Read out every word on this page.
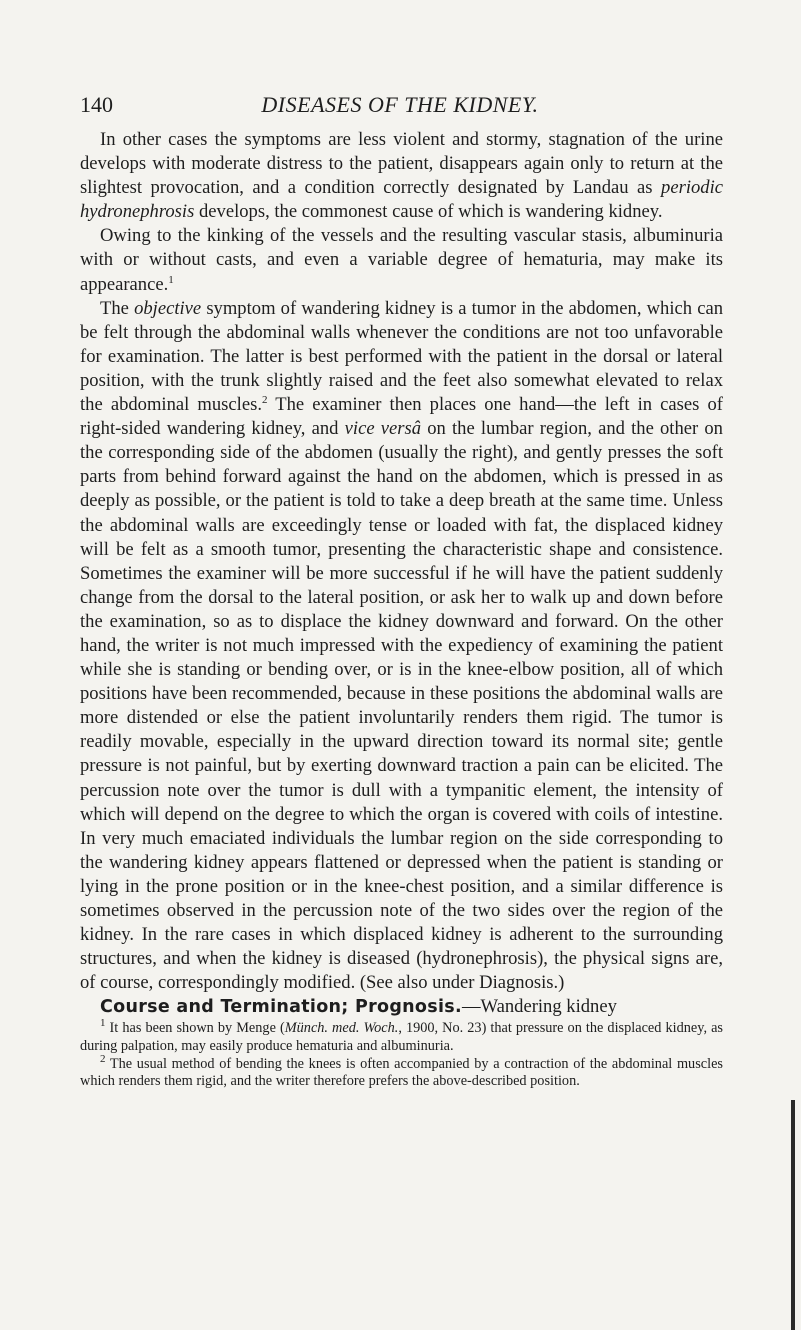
140	DISEASES OF THE KIDNEY.

In other cases the symptoms are less violent and stormy, stagnation of the urine develops with moderate distress to the patient, disappears again only to return at the slightest provocation, and a condition correctly designated by Landau as periodic hydronephrosis develops, the commonest cause of which is wandering kidney.

Owing to the kinking of the vessels and the resulting vascular stasis, albuminuria with or without casts, and even a variable degree of hematuria, may make its appearance.$^1$

The objective symptom of wandering kidney is a tumor in the abdomen, which can be felt through the abdominal walls whenever the conditions are not too unfavorable for examination. The latter is best performed with the patient in the dorsal or lateral position, with the trunk slightly raised and the feet also somewhat elevated to relax the abdominal muscles.$^2$ The examiner then places one hand—the left in cases of right-sided wandering kidney, and vice versâ on the lumbar region, and the other on the corresponding side of the abdomen (usually the right), and gently presses the soft parts from behind forward against the hand on the abdomen, which is pressed in as deeply as possible, or the patient is told to take a deep breath at the same time. Unless the abdominal walls are exceedingly tense or loaded with fat, the displaced kidney will be felt as a smooth tumor, presenting the characteristic shape and consistence. Sometimes the examiner will be more successful if he will have the patient suddenly change from the dorsal to the lateral position, or ask her to walk up and down before the examination, so as to displace the kidney downward and forward. On the other hand, the writer is not much impressed with the expediency of examining the patient while she is standing or bending over, or is in the knee-elbow position, all of which positions have been recommended, because in these positions the abdominal walls are more distended or else the patient involuntarily renders them rigid. The tumor is readily movable, especially in the upward direction toward its normal site; gentle pressure is not painful, but by exerting downward traction a pain can be elicited. The percussion note over the tumor is dull with a tympanitic element, the intensity of which will depend on the degree to which the organ is covered with coils of intestine. In very much emaciated individuals the lumbar region on the side corresponding to the wandering kidney appears flattened or depressed when the patient is standing or lying in the prone position or in the knee-chest position, and a similar difference is sometimes observed in the percussion note of the two sides over the region of the kidney. In the rare cases in which displaced kidney is adherent to the surrounding structures, and when the kidney is diseased (hydronephrosis), the physical signs are, of course, correspondingly modified. (See also under Diagnosis.)

Course and Termination; Prognosis.—Wandering kidney

$^1$ It has been shown by Menge (Münch. med. Woch., 1900, No. 23) that pressure on the displaced kidney, as during palpation, may easily produce hematuria and albuminuria.

$^2$ The usual method of bending the knees is often accompanied by a contraction of the abdominal muscles which renders them rigid, and the writer therefore prefers the above-described position.
